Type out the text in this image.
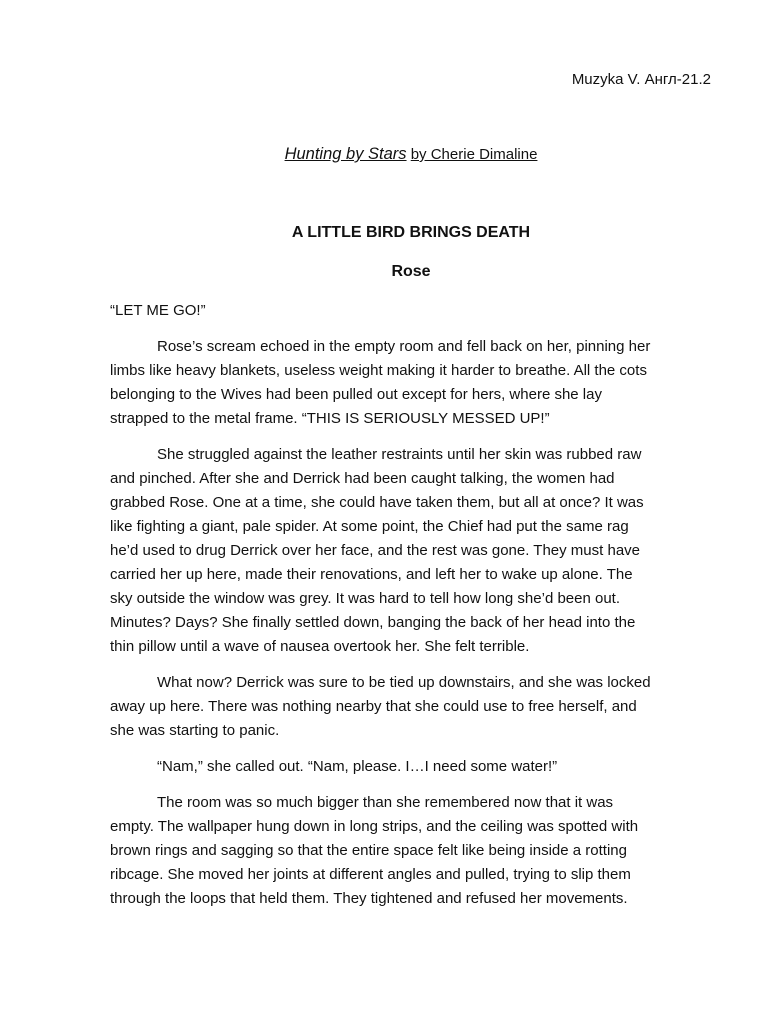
Muzyka V. Англ-21.2
Hunting by Stars by Cherie Dimaline
A LITTLE BIRD BRINGS DEATH
Rose
“LET ME GO!”
Rose’s scream echoed in the empty room and fell back on her, pinning her
limbs like heavy blankets, useless weight making it harder to breathe. All the cots
belonging to the Wives had been pulled out except for hers, where she lay
strapped to the metal frame. “THIS IS SERIOUSLY MESSED UP!”
She struggled against the leather restraints until her skin was rubbed raw
and pinched. After she and Derrick had been caught talking, the women had
grabbed Rose. One at a time, she could have taken them, but all at once? It was
like fighting a giant, pale spider. At some point, the Chief had put the same rag
he’d used to drug Derrick over her face, and the rest was gone. They must have
carried her up here, made their renovations, and left her to wake up alone. The
sky outside the window was grey. It was hard to tell how long she’d been out.
Minutes? Days? She finally settled down, banging the back of her head into the
thin pillow until a wave of nausea overtook her. She felt terrible.
What now? Derrick was sure to be tied up downstairs, and she was locked
away up here. There was nothing nearby that she could use to free herself, and
she was starting to panic.
“Nam,” she called out. “Nam, please. I…I need some water!”
The room was so much bigger than she remembered now that it was
empty. The wallpaper hung down in long strips, and the ceiling was spotted with
brown rings and sagging so that the entire space felt like being inside a rotting
ribcage. She moved her joints at different angles and pulled, trying to slip them
through the loops that held them. They tightened and refused her movements.
